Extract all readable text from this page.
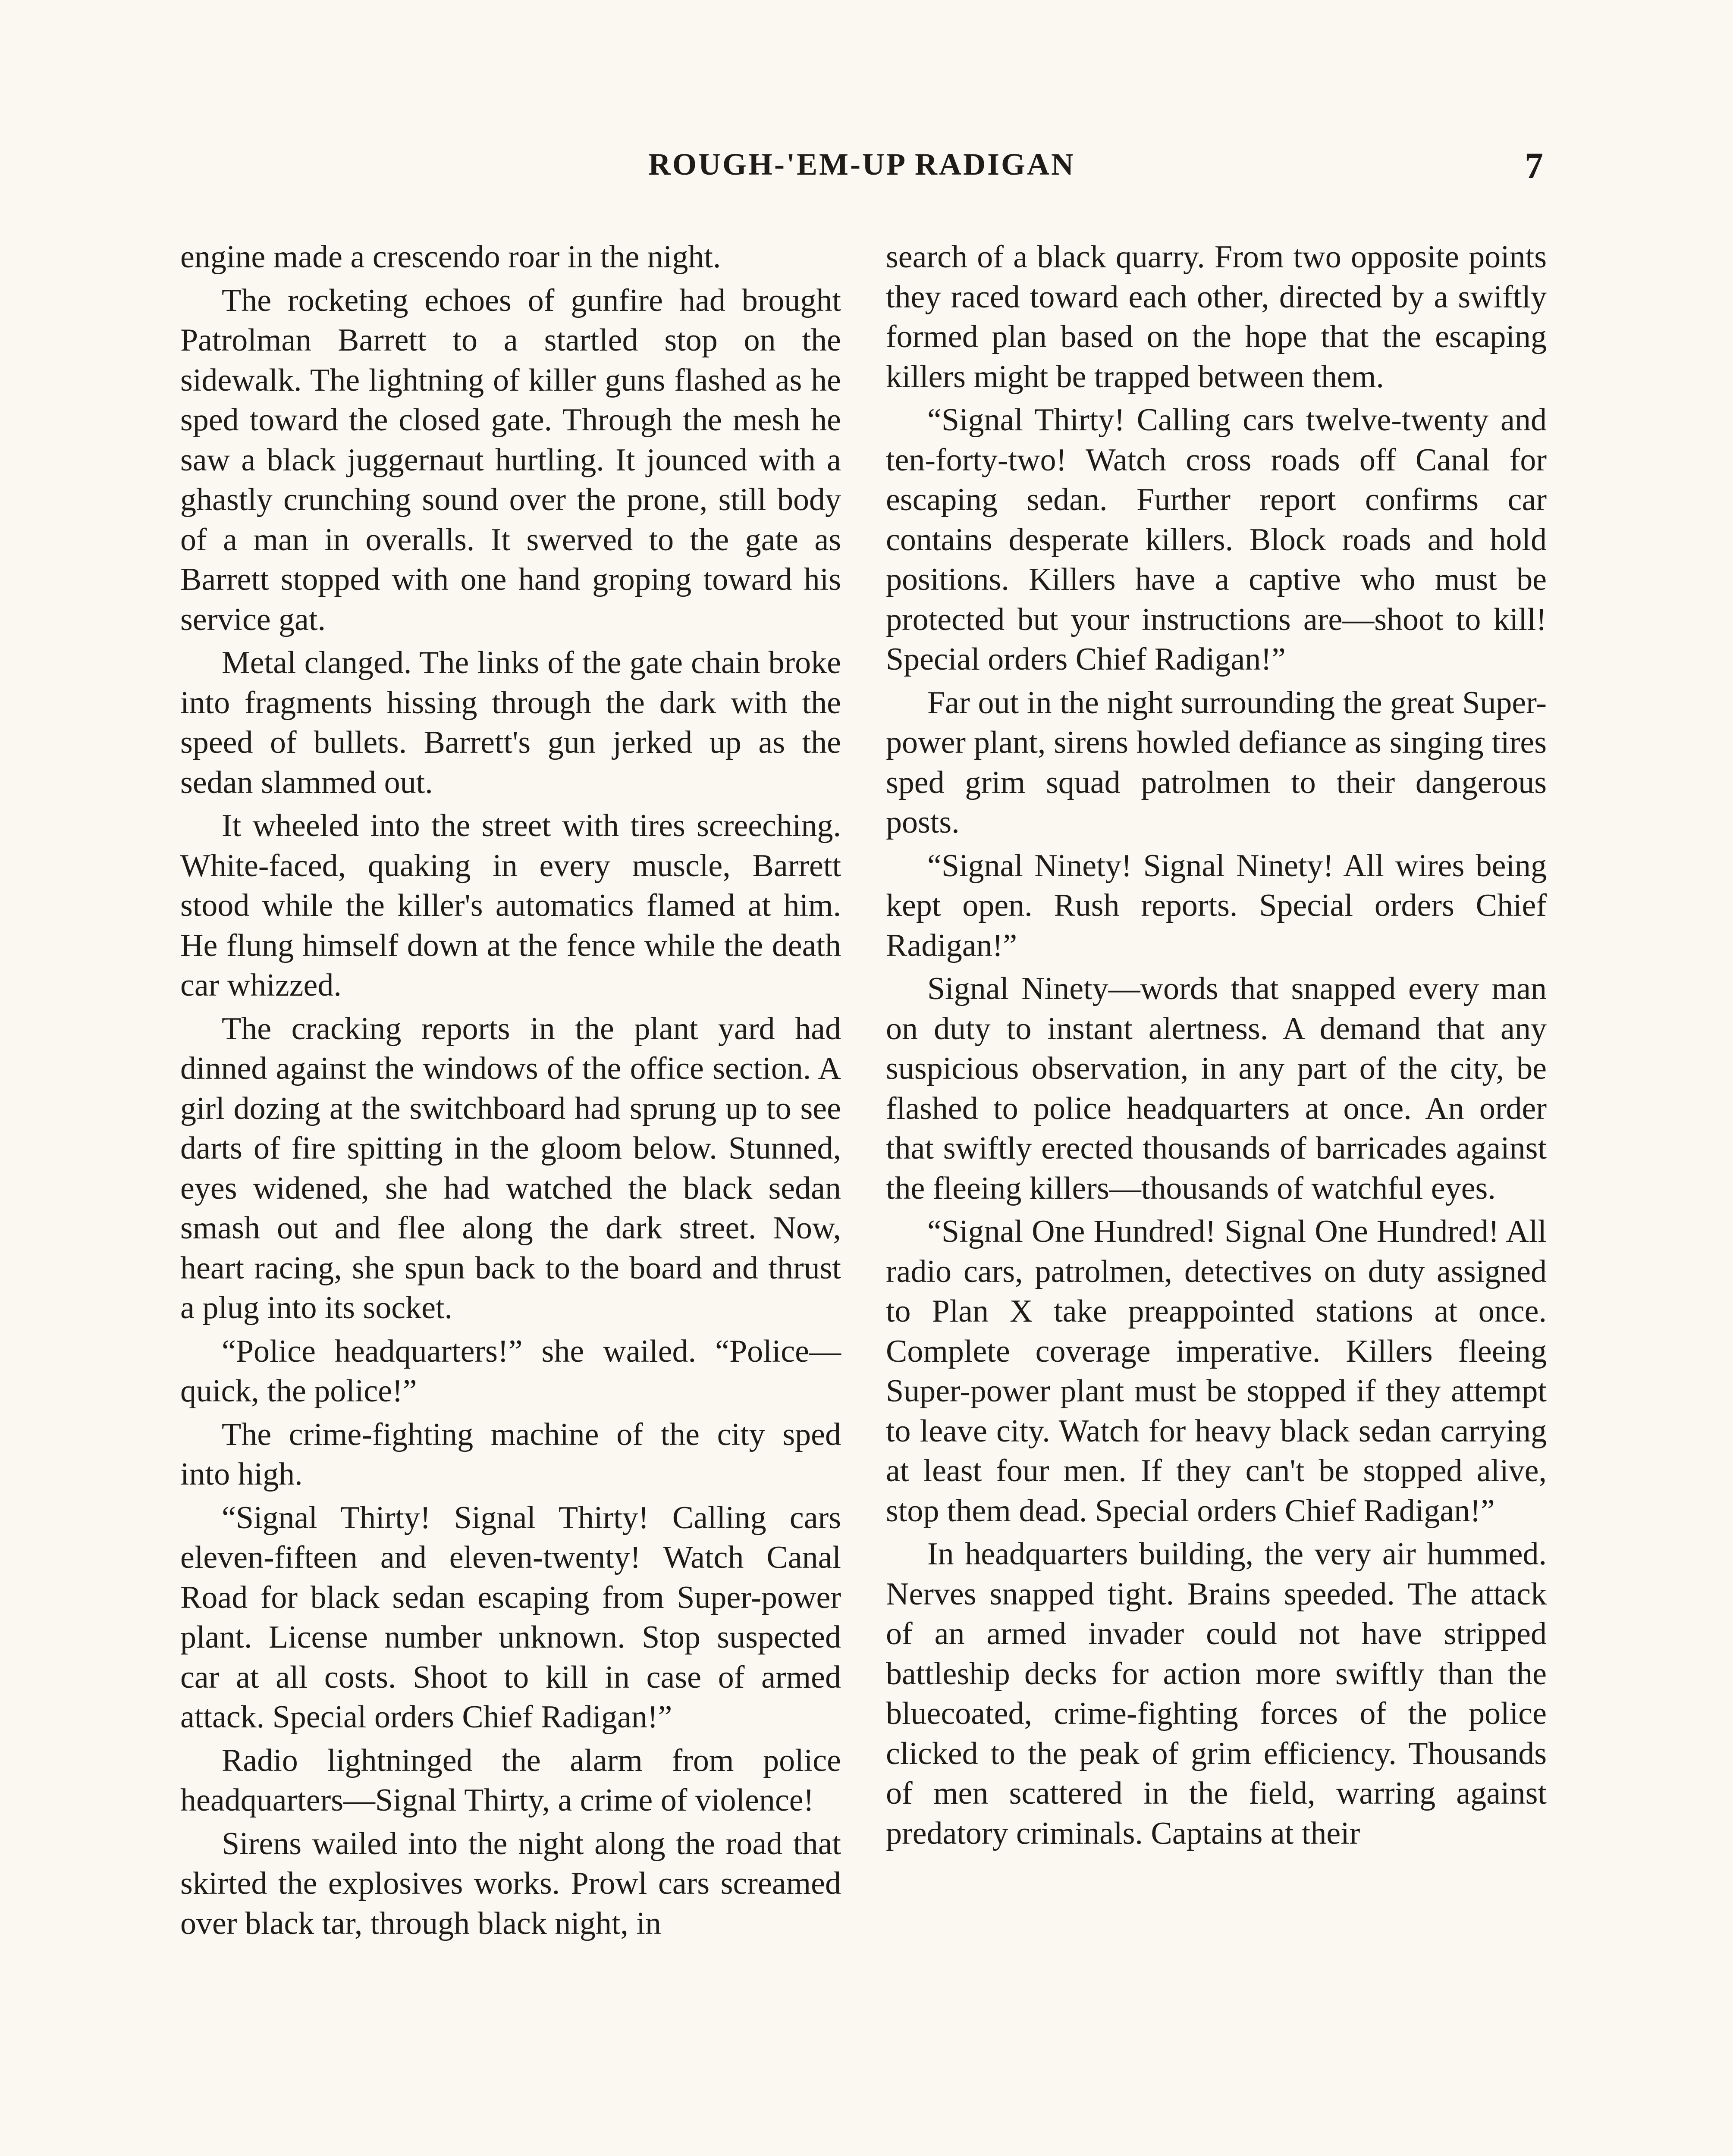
ROUGH-'EM-UP RADIGAN	7

engine made a crescendo roar in the night.

The rocketing echoes of gunfire had brought Patrolman Barrett to a startled stop on the sidewalk. The lightning of killer guns flashed as he sped toward the closed gate. Through the mesh he saw a black juggernaut hurtling. It jounced with a ghastly crunching sound over the prone, still body of a man in overalls. It swerved to the gate as Barrett stopped with one hand groping toward his service gat.

Metal clanged. The links of the gate chain broke into fragments hissing through the dark with the speed of bullets. Barrett's gun jerked up as the sedan slammed out.

It wheeled into the street with tires screeching. White-faced, quaking in every muscle, Barrett stood while the killer's automatics flamed at him. He flung himself down at the fence while the death car whizzed.

The cracking reports in the plant yard had dinned against the windows of the office section. A girl dozing at the switchboard had sprung up to see darts of fire spitting in the gloom below. Stunned, eyes widened, she had watched the black sedan smash out and flee along the dark street. Now, heart racing, she spun back to the board and thrust a plug into its socket.

“Police headquarters!” she wailed. “Police—quick, the police!”

The crime-fighting machine of the city sped into high.

“Signal Thirty! Signal Thirty! Calling cars eleven-fifteen and eleven-twenty! Watch Canal Road for black sedan escaping from Super-power plant. License number unknown. Stop suspected car at all costs. Shoot to kill in case of armed attack. Special orders Chief Radigan!”

Radio lightninged the alarm from police headquarters—Signal Thirty, a crime of violence!

Sirens wailed into the night along the road that skirted the explosives works. Prowl cars screamed over black tar, through black night, in

search of a black quarry. From two opposite points they raced toward each other, directed by a swiftly formed plan based on the hope that the escaping killers might be trapped between them.

“Signal Thirty! Calling cars twelve-twenty and ten-forty-two! Watch cross roads off Canal for escaping sedan. Further report confirms car contains desperate killers. Block roads and hold positions. Killers have a captive who must be protected but your instructions are—shoot to kill! Special orders Chief Radigan!”

Far out in the night surrounding the great Super-power plant, sirens howled defiance as singing tires sped grim squad patrolmen to their dangerous posts.

“Signal Ninety! Signal Ninety! All wires being kept open. Rush reports. Special orders Chief Radigan!”

Signal Ninety—words that snapped every man on duty to instant alertness. A demand that any suspicious observation, in any part of the city, be flashed to police headquarters at once. An order that swiftly erected thousands of barricades against the fleeing killers—thousands of watchful eyes.

“Signal One Hundred! Signal One Hundred! All radio cars, patrolmen, detectives on duty assigned to Plan X take preappointed stations at once. Complete coverage imperative. Killers fleeing Super-power plant must be stopped if they attempt to leave city. Watch for heavy black sedan carrying at least four men. If they can't be stopped alive, stop them dead. Special orders Chief Radigan!”

In headquarters building, the very air hummed. Nerves snapped tight. Brains speeded. The attack of an armed invader could not have stripped battleship decks for action more swiftly than the bluecoated, crime-fighting forces of the police clicked to the peak of grim efficiency. Thousands of men scattered in the field, warring against predatory criminals. Captains at their
